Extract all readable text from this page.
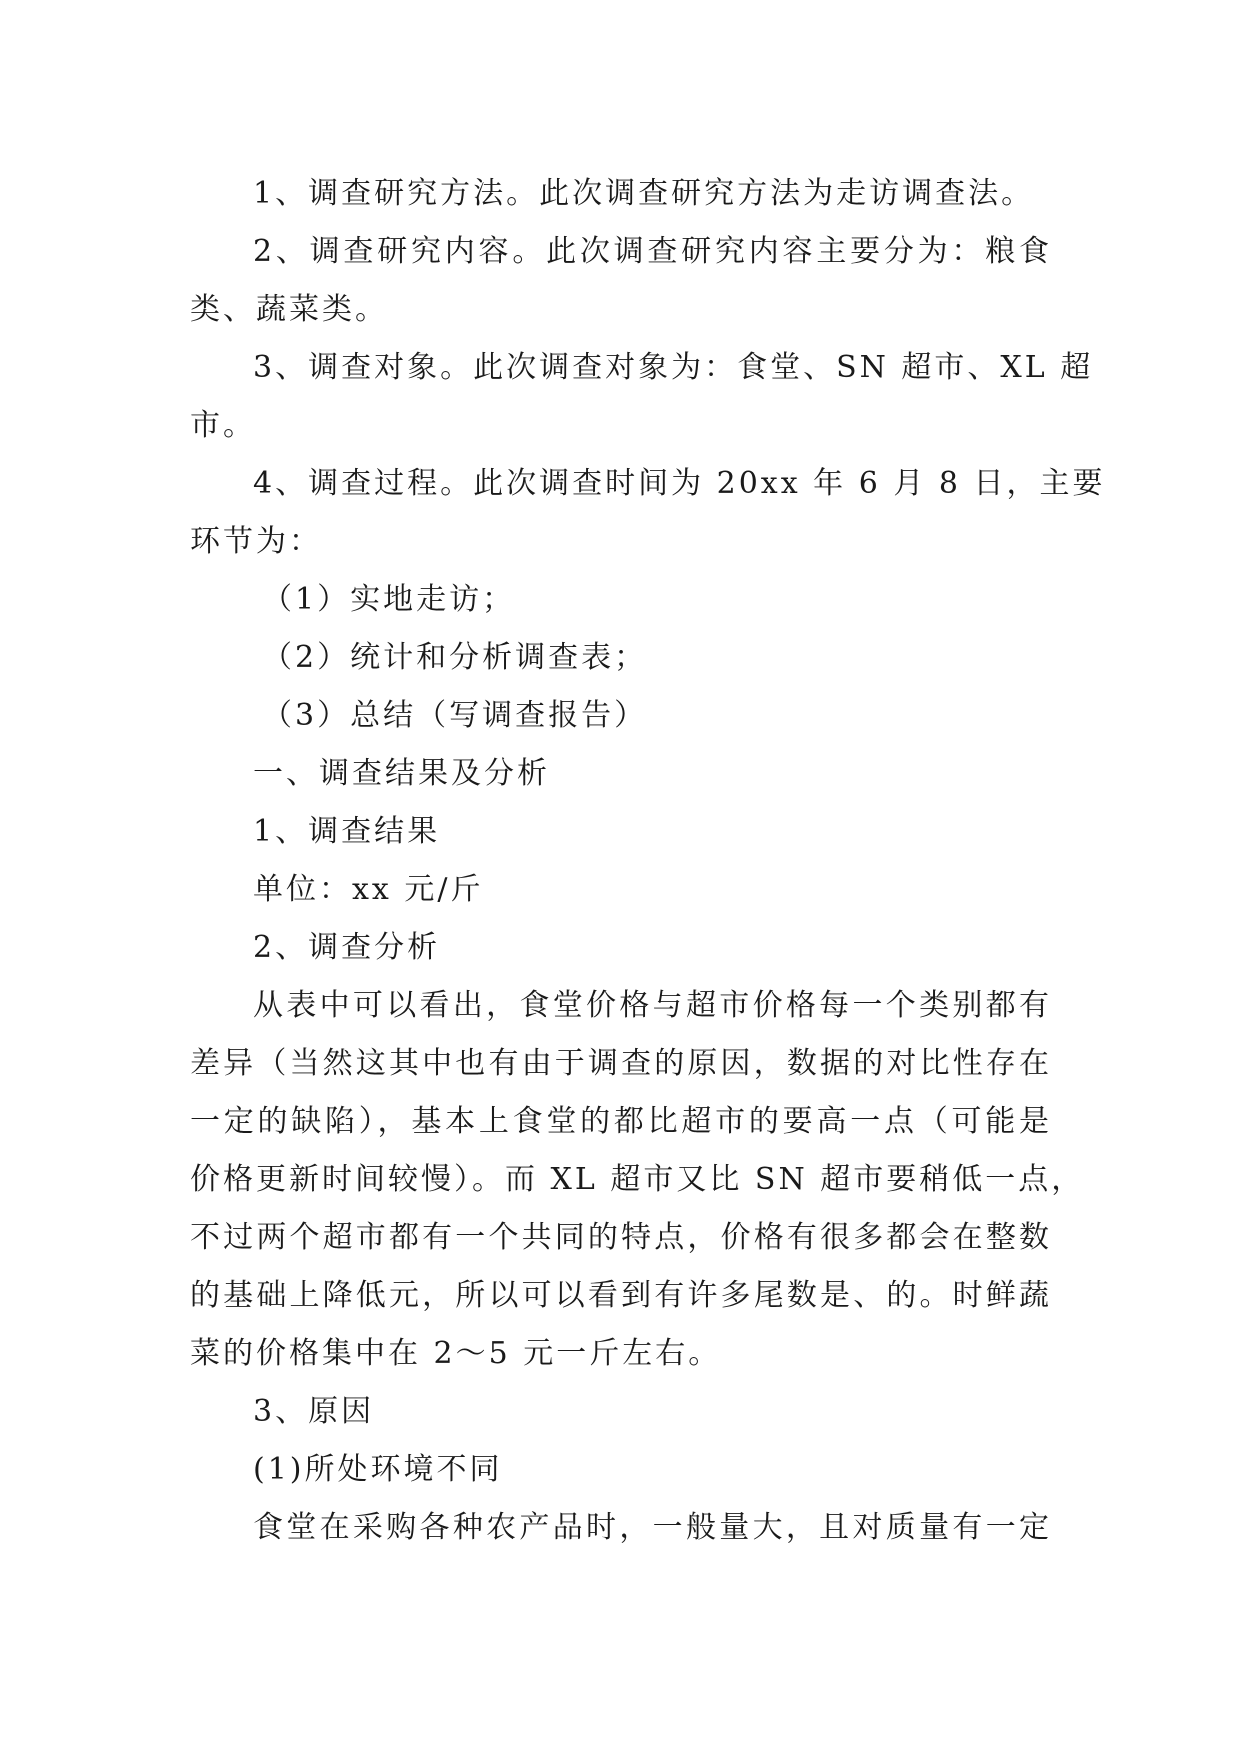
1、调查研究方法。此次调查研究方法为走访调查法。
2、调查研究内容。此次调查研究内容主要分为：粮食
类、蔬菜类。
3、调查对象。此次调查对象为：食堂、SN 超市、XL 超
市。
4、调查过程。此次调查时间为 20xx 年 6 月 8 日，主要
环节为：
（1）实地走访；
（2）统计和分析调查表；
（3）总结（写调查报告）
一、调查结果及分析
1、调查结果
单位：xx 元/斤
2、调查分析
从表中可以看出，食堂价格与超市价格每一个类别都有
差异（当然这其中也有由于调查的原因，数据的对比性存在
一定的缺陷），基本上食堂的都比超市的要高一点（可能是
价格更新时间较慢）。而 XL 超市又比 SN 超市要稍低一点，
不过两个超市都有一个共同的特点，价格有很多都会在整数
的基础上降低元，所以可以看到有许多尾数是、的。时鲜蔬
菜的价格集中在 2～5 元一斤左右。
3、原因
(1)所处环境不同
食堂在采购各种农产品时，一般量大，且对质量有一定
